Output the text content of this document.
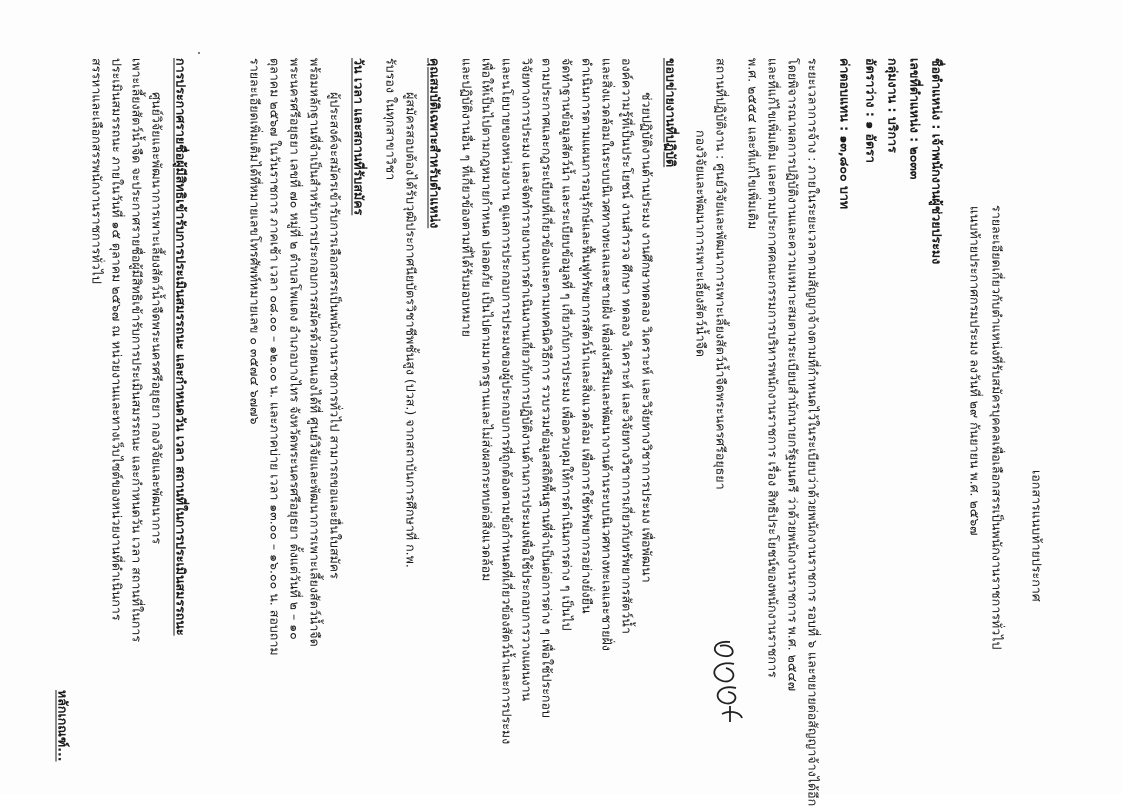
เอกสารแนบท้ายประกาศ
รายละเอียดเกี่ยวกับตำแหน่งที่รับสมัครบุคคลเพื่อเลือกสรรเป็นพนักงานราชการทั่วไป
แนบท้ายประกาศกรมประมง ลงวันที่ ๒๙ กันยายน พ.ศ. ๒๕๖๗
ชื่อตำแหน่ง : เจ้าพนักงานผู้ช่วยประมง
เลขที่ตำแหน่ง : ๒๐๓๓
กลุ่มงาน : บริการ
อัตราว่าง : ๑ อัตรา
ค่าตอบแทน : ๑๓,๘๐๐ บาท
ระยะเวลาการจ้าง : ภายในระยะเวลาตามสัญญาจ้างตามที่กำหนดไว้ในระเบียบว่าด้วยพนักงานราชการ รอบที่ ๖ และขยายต่อสัญญาจ้างได้อีก
โดยพิจารณาผลการปฏิบัติงานและความเหมาะสมตามระเบียบสำนักนายกรัฐมนตรี ว่าด้วยพนักงานราชการ พ.ศ. ๒๕๔๗
และที่แก้ไขเพิ่มเติม และตามประกาศคณะกรรมการบริหารพนักงานราชการ เรื่อง สิทธิประโยชน์ของพนักงานราชการ
พ.ศ. ๒๕๕๔ และที่แก้ไขเพิ่มเติม
สถานที่ปฏิบัติงาน : ศูนย์วิจัยและพัฒนาการเพาะเลี้ยงสัตว์น้ำจืดพระนครศรีอยุธยา
กองวิจัยและพัฒนาการเพาะเลี้ยงสัตว์น้ำจืด
ขอบข่ายงานที่ปฏิบัติ
ช่วยปฏิบัติงานด้านประมง งานศึกษาทดลอง วิเคราะห์ และวิจัยทางวิชาการประมง เพื่อพัฒนา
องค์ความรู้ที่เป็นประโยชน์ งานสำรวจ ศึกษา ทดลอง วิเคราะห์ และวิจัยทางวิชาการเกี่ยวกับทรัพยากรสัตว์น้ำ
และสิ่งแวดล้อมในระบบนิเวศทางทะเลและชายฝั่ง เพื่อส่งเสริมและพัฒนางานด้านระบบนิเวศทางทะเลและชายฝั่ง
ดำเนินการตามแผนการอนุรักษ์และฟื้นฟูทรัพยากรสัตว์น้ำและสิ่งแวดล้อม เพื่อการใช้ทรัพยากรอย่างยั่งยืน
จัดทำฐานข้อมูลสัตว์น้ำ และระเบียบข้อมูลที่ ๆ เกี่ยวกับการประมง เพื่อควบคุมให้การดำเนินการต่าง ๆ เป็นไป
ตามประกาศและกฎระเบียบที่เกี่ยวข้องและตามเทคนิควิธีการ รวบรวมข้อมูลสถิติพื้นฐานที่จำเป็นต่อการต่าง ๆ เพื่อใช้ประกอบ
วิจัยทางการประมง และจัดทำรายงานการดำเนินงานเกี่ยวกับการปฏิบัติงานด้านการประมงเพื่อใช้ประกอบการวางแผนงาน
และนโยบายของหน่วยงาน ดูแลการประกอบการประมงของผู้ประกอบการที่ถูกต้องตามข้อกำหนดที่เกี่ยวข้องสัตว์น้ำและการประมง
เพื่อให้เป็นไปตามกฎหมายกำหนด ปลอดภัย เป็นไปตามมาตรฐานและไม่ส่งผลกระทบต่อสิ่งแวดล้อม
และปฏิบัติงานอื่น ๆ ที่เกี่ยวข้องตามที่ได้รับมอบหมาย
คุณสมบัติเฉพาะสำหรับตำแหน่ง
ผู้สมัครสอบต้องได้รับวุฒิประกาศนียบัตรวิชาชีพชั้นสูง (ปวส.) จากสถาบันการศึกษาที่ ก.พ.
รับรอง ในทุกสาขาวิชา
วัน เวลา และสถานที่รับสมัคร
ผู้ประสงค์จะสมัครเข้ารับการเลือกสรรเป็นพนักงานราชการทั่วไป สามารถขอและยื่นใบสมัคร
พร้อมหลักฐานที่จำเป็นสำหรับการประกอบการสมัครด้วยตนเองได้ที่ ศูนย์วิจัยและพัฒนาการเพาะเลี้ยงสัตว์น้ำจืด
พระนครศรีอยุธยา เลขที่ ๗๐ หมู่ที่ ๒ ตำบลโพแตง อำเภอบางไทร จังหวัดพระนครศรีอยุธยา ตั้งแต่วันที่ ๒ – ๑๐
ตุลาคม ๒๕๖๗ ในวันราชการ ภาคเช้า เวลา ๐๘.๐๐ – ๑๒.๐๐ น. และภาคบ่าย เวลา ๑๓.๐๐ – ๑๖.๐๐ น. สอบถาม
รายละเอียดเพิ่มเติมได้ที่หมายเลขโทรศัพท์หมายเลข ๐ ๓๕๗๔ ๖๗๗๖
การประกาศรายชื่อผู้มีสิทธิเข้ารับการประเมินสมรรถนะ และกำหนดวัน เวลา สถานที่ในการประเมินสมรรถนะ
ศูนย์วิจัยและพัฒนาการเพาะเลี้ยงสัตว์น้ำจืดพระนครศรีอยุธยา กองวิจัยและพัฒนาการ
เพาะเลี้ยงสัตว์น้ำจืด จะประกาศรายชื่อผู้มีสิทธิเข้ารับการประเมินสมรรถนะ และกำหนดวัน เวลา สถานที่ในการ
ประเมินสมรรถนะ ภายในวันที่ ๑๕ ตุลาคม ๒๕๖๗ ณ หน่วยงานและทางเว็บไซต์ของหน่วยงานที่ดำเนินการ
สรรหาและเลือกสรรพนักงานราชการทั่วไป
หลักเกณฑ์...
